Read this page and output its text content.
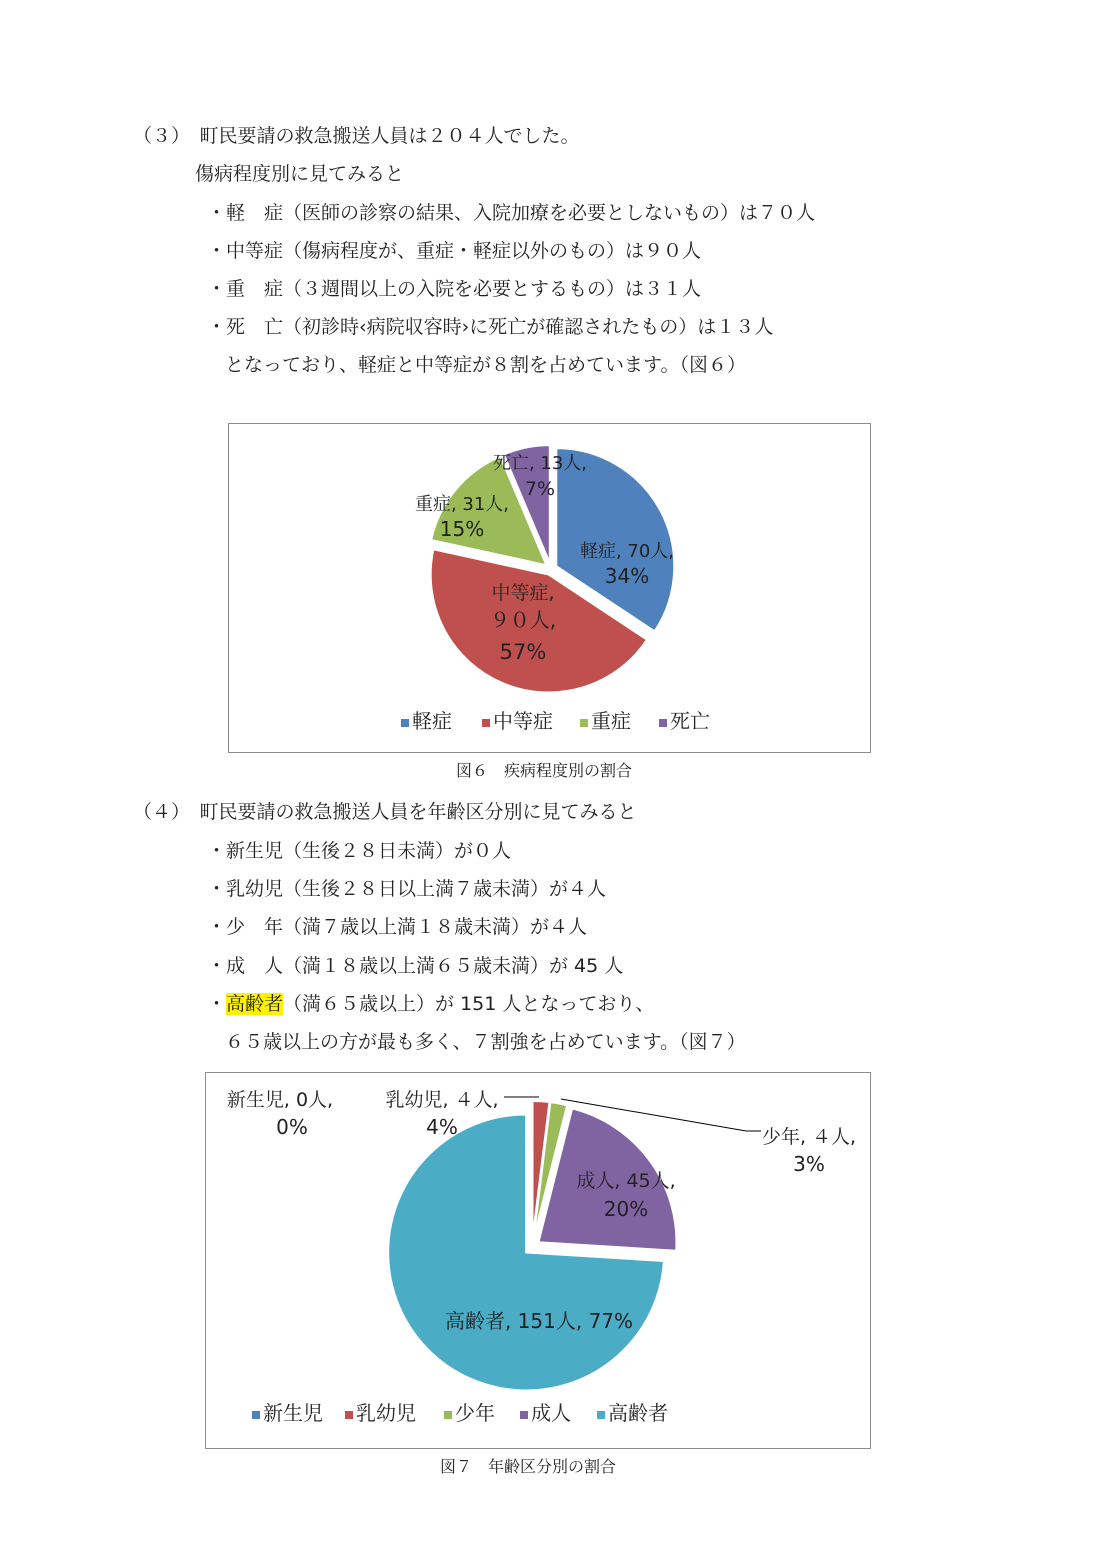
（３）　町民要請の救急搬送人員は２０４人でした。
傷病程度別に見てみると
・軽　症（医師の診察の結果、入院加療を必要としないもの）は７０人
・中等症（傷病程度が、重症・軽症以外のもの）は９０人
・重　症（３週間以上の入院を必要とするもの）は３１人
・死　亡（初診時‹病院収容時›に死亡が確認されたもの）は１３人
となっており、軽症と中等症が８割を占めています。（図６）
軽症, 70人,
34%
中等症,
９０人,
57%
重症, 31人,
15%
死亡, 13人,
7%
軽症 中等症 重症 死亡
図６　疾病程度別の割合
（４）　町民要請の救急搬送人員を年齢区分別に見てみると
・新生児（生後２８日未満）が０人
・乳幼児（生後２８日以上満７歳未満）が４人
・少　年（満７歳以上満１８歳未満）が４人
・成　人（満１８歳以上満６５歳未満）が 45 人
・高齢者（満６５歳以上）が 151 人となっており、
６５歳以上の方が最も多く、７割強を占めています。（図７）
新生児, 0人,
0%
乳幼児, ４人,
4%	少年, ４人,
3%
成人, 45人,
20%
高齢者, 151人, 77%
新生児 乳幼児 少年 成人 高齢者
図７　年齢区分別の割合
